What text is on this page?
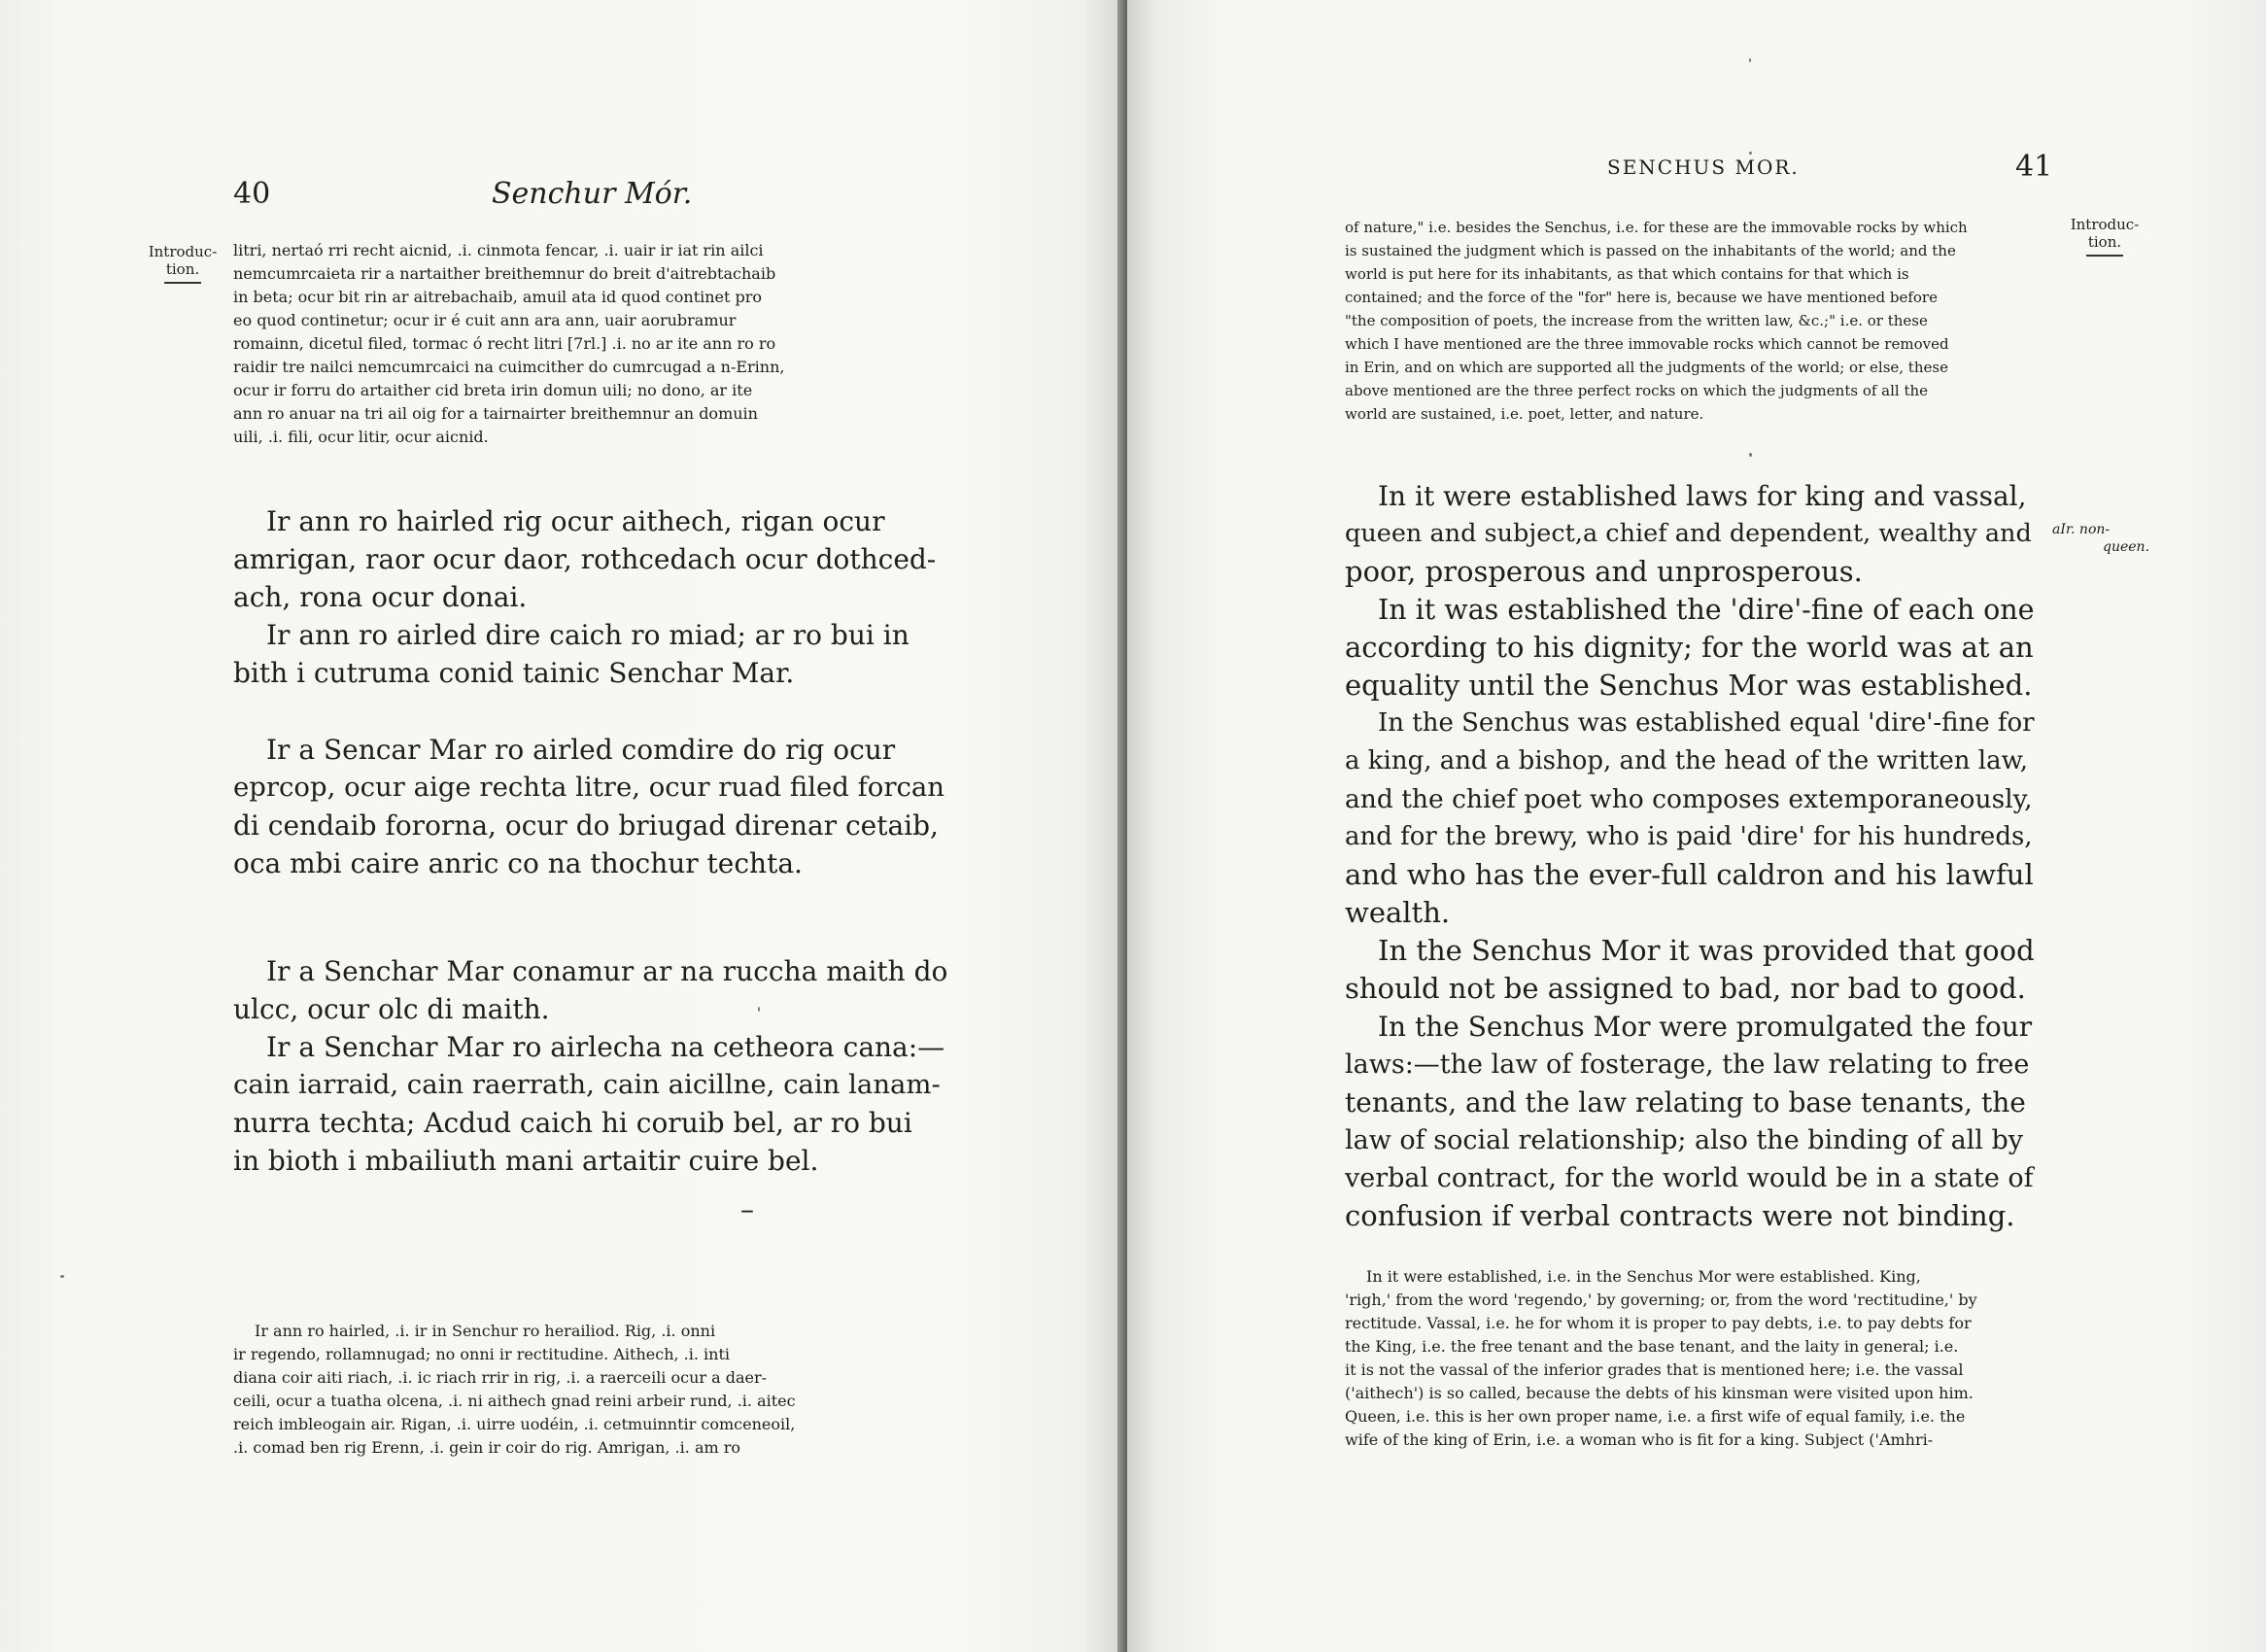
40	Senchur Mór.
Introduc-
tion.
litri, nertaó rri recht aicnid, .i. cinmota fencar, .i. uair ir iat rin ailci
nemcumrcaieta rir a nartaither breithemnur do breit d'aitrebtachaib
in beta; ocur bit rin ar aitrebachaib, amuil ata id quod continet pro
eo quod continetur; ocur ir é cuit ann ara ann, uair aorubramur
romainn, dicetul filed, tormac ó recht litri [7rl.] .i. no ar ite ann ro ro
raidir tre nailci nemcumrcaici na cuimcither do cumrcugad a n-Erinn,
ocur ir forru do artaither cid breta irin domun uili; no dono, ar ite
ann ro anuar na tri ail oig for a tairnairter breithemnur an domuin
uili, .i. fili, ocur litir, ocur aicnid.
Ir ann ro hairled rig ocur aithech, rigan ocur
amrigan, raor ocur daor, rothcedach ocur dothced-
ach, rona ocur donai.
Ir ann ro airled dire caich ro miad; ar ro bui in
bith i cutruma conid tainic Senchar Mar.
Ir a Sencar Mar ro airled comdire do rig ocur
eprcop, ocur aige rechta litre, ocur ruad filed forcan
di cendaib fororna, ocur do briugad direnar cetaib,
oca mbi caire anric co na thochur techta.
Ir a Senchar Mar conamur ar na ruccha maith do
ulcc, ocur olc di maith.
Ir a Senchar Mar ro airlecha na cetheora cana:—
cain iarraid, cain raerrath, cain aicillne, cain lanam-
nurra techta; Acdud caich hi coruib bel, ar ro bui
in bioth i mbailiuth mani artaitir cuire bel.
–
Ir ann ro hairled, .i. ir in Senchur ro herailiod. Rig, .i. onni
ir regendo, rollamnugad; no onni ir rectitudine. Aithech, .i. inti
diana coir aiti riach, .i. ic riach rrir in rig, .i. a raerceili ocur a daer-
ceili, ocur a tuatha olcena, .i. ni aithech gnad reini arbeir rund, .i. aitec
reich imbleogain air. Rigan, .i. uirre uodéin, .i. cetmuinntir comceneoil,
.i. comad ben rig Erenn, .i. gein ir coir do rig. Amrigan, .i. am ro
SENCHUS MOR.	41
Introduc-
tion.
of nature," i.e. besides the Senchus, i.e. for these are the immovable rocks by which
is sustained the judgment which is passed on the inhabitants of the world; and the
world is put here for its inhabitants, as that which contains for that which is
contained; and the force of the "for" here is, because we have mentioned before
"the composition of poets, the increase from the written law, &c.;" i.e. or these
which I have mentioned are the three immovable rocks which cannot be removed
in Erin, and on which are supported all the judgments of the world; or else, these
above mentioned are the three perfect rocks on which the judgments of all the
world are sustained, i.e. poet, letter, and nature.
aIr. non-
queen.
In it were established laws for king and vassal,
queen and subject,a chief and dependent, wealthy and
poor, prosperous and unprosperous.
In it was established the 'dire'-fine of each one
according to his dignity; for the world was at an
equality until the Senchus Mor was established.
In the Senchus was established equal 'dire'-fine for
a king, and a bishop, and the head of the written law,
and the chief poet who composes extemporaneously,
and for the brewy, who is paid 'dire' for his hundreds,
and who has the ever-full caldron and his lawful
wealth.
In the Senchus Mor it was provided that good
should not be assigned to bad, nor bad to good.
In the Senchus Mor were promulgated the four
laws:—the law of fosterage, the law relating to free
tenants, and the law relating to base tenants, the
law of social relationship; also the binding of all by
verbal contract, for the world would be in a state of
confusion if verbal contracts were not binding.
In it were established, i.e. in the Senchus Mor were established. King,
'righ,' from the word 'regendo,' by governing; or, from the word 'rectitudine,' by
rectitude. Vassal, i.e. he for whom it is proper to pay debts, i.e. to pay debts for
the King, i.e. the free tenant and the base tenant, and the laity in general; i.e.
it is not the vassal of the inferior grades that is mentioned here; i.e. the vassal
('aithech') is so called, because the debts of his kinsman were visited upon him.
Queen, i.e. this is her own proper name, i.e. a first wife of equal family, i.e. the
wife of the king of Erin, i.e. a woman who is fit for a king. Subject ('Amhri-
